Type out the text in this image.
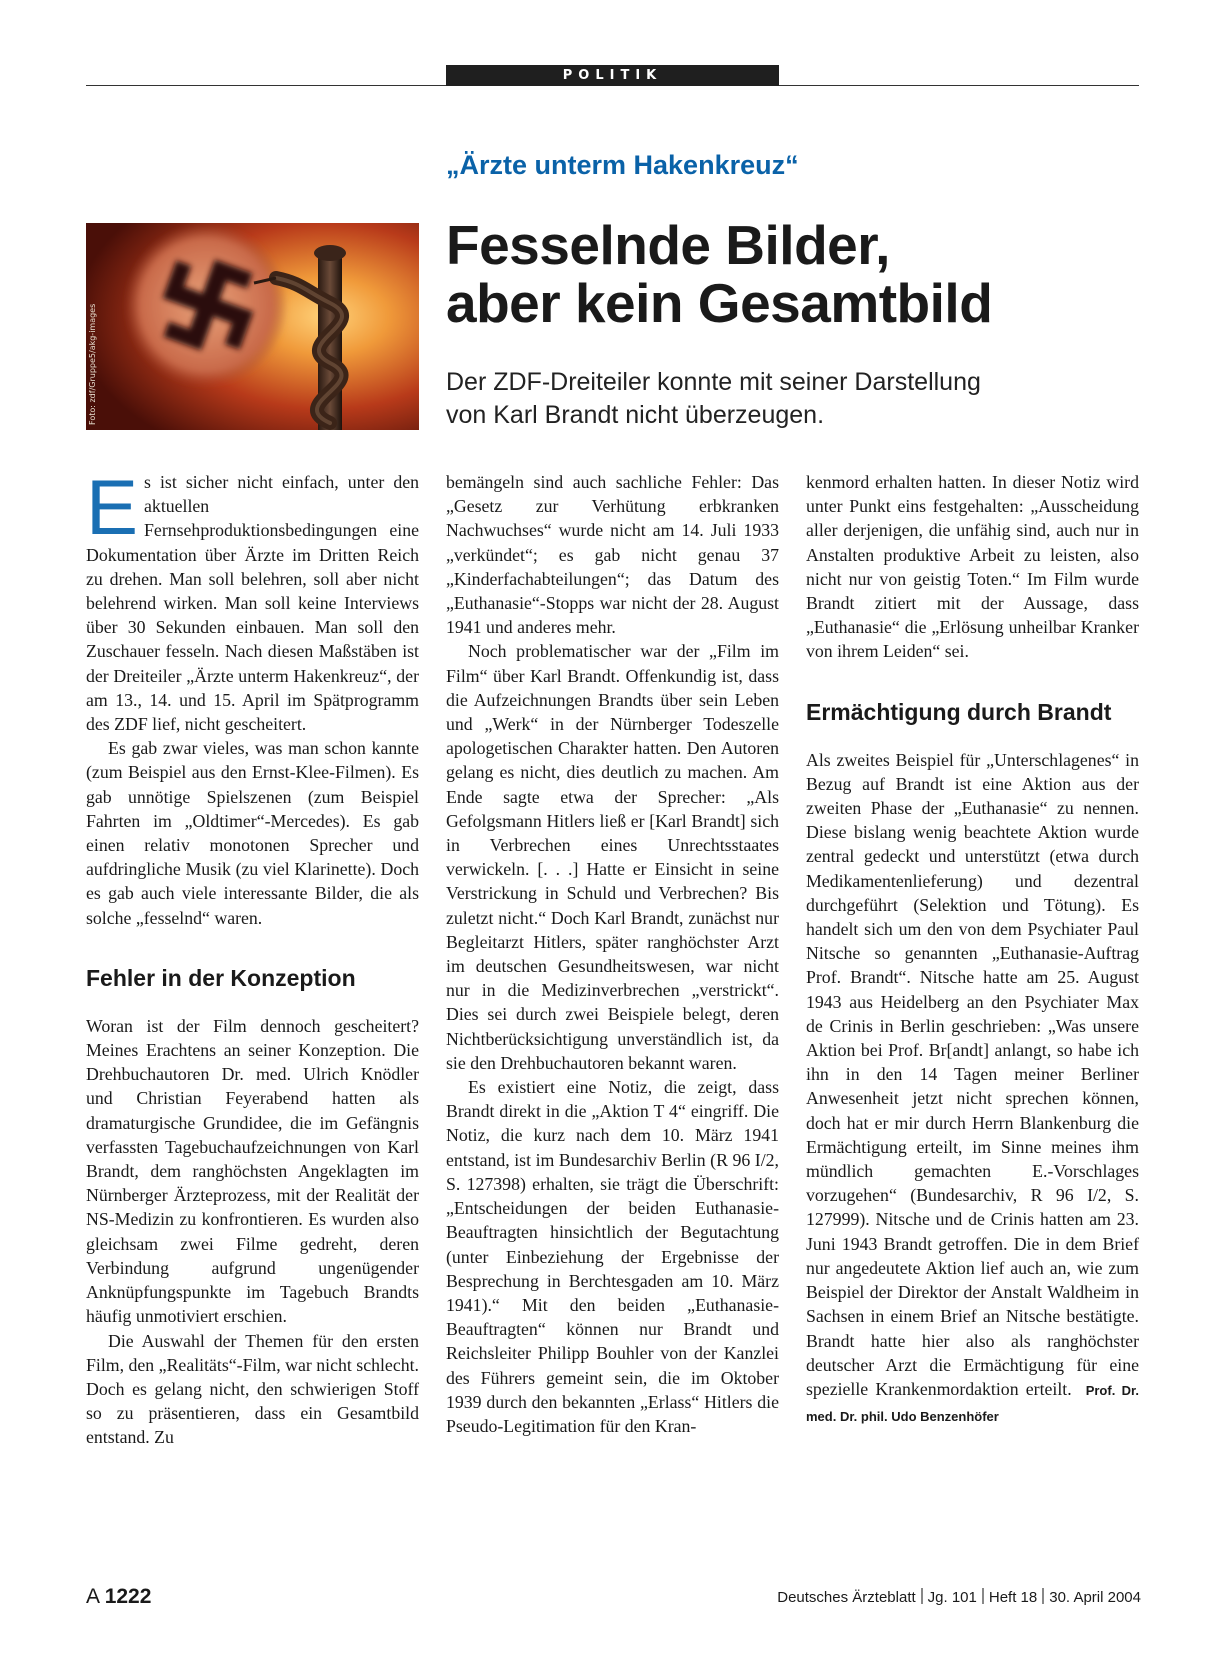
POLITIK
„Ärzte unterm Hakenkreuz“
Fesselnde Bilder,
aber kein Gesamtbild
Der ZDF-Dreiteiler konnte mit seiner Darstellung
von Karl Brandt nicht überzeugen.
Foto: zdf/Gruppe5/akg-images

Es ist sicher nicht einfach, unter den aktuellen Fernsehproduktionsbedingungen eine Dokumentation über Ärzte im Dritten Reich zu drehen. Man soll belehren, soll aber nicht belehrend wirken. Man soll keine Interviews über 30 Sekunden einbauen. Man soll den Zuschauer fesseln. Nach diesen Maßstäben ist der Dreiteiler „Ärzte unterm Hakenkreuz“, der am 13., 14. und 15. April im Spätprogramm des ZDF lief, nicht gescheitert.

Es gab zwar vieles, was man schon kannte (zum Beispiel aus den Ernst-Klee-Filmen). Es gab unnötige Spielszenen (zum Beispiel Fahrten im „Oldtimer“-Mercedes). Es gab einen relativ monotonen Sprecher und aufdringliche Musik (zu viel Klarinette). Doch es gab auch viele interessante Bilder, die als solche „fesselnd“ waren.

Fehler in der Konzeption

Woran ist der Film dennoch gescheitert? Meines Erachtens an seiner Konzeption. Die Drehbuchautoren Dr. med. Ulrich Knödler und Christian Feyerabend hatten als dramaturgische Grundidee, die im Gefängnis verfassten Tagebuchaufzeichnungen von Karl Brandt, dem ranghöchsten Angeklagten im Nürnberger Ärzteprozess, mit der Realität der NS-Medizin zu konfrontieren. Es wurden also gleichsam zwei Filme gedreht, deren Verbindung aufgrund ungenügender Anknüpfungspunkte im Tagebuch Brandts häufig unmotiviert erschien.

Die Auswahl der Themen für den ersten Film, den „Realitäts“-Film, war nicht schlecht. Doch es gelang nicht, den schwierigen Stoff so zu präsentieren, dass ein Gesamtbild entstand. Zu

bemängeln sind auch sachliche Fehler: Das „Gesetz zur Verhütung erbkranken Nachwuchses“ wurde nicht am 14. Juli 1933 „verkündet“; es gab nicht genau 37 „Kinderfachabteilungen“; das Datum des „Euthanasie“-Stopps war nicht der 28. August 1941 und anderes mehr.

Noch problematischer war der „Film im Film“ über Karl Brandt. Offenkundig ist, dass die Aufzeichnungen Brandts über sein Leben und „Werk“ in der Nürnberger Todeszelle apologetischen Charakter hatten. Den Autoren gelang es nicht, dies deutlich zu machen. Am Ende sagte etwa der Sprecher: „Als Gefolgsmann Hitlers ließ er [Karl Brandt] sich in Verbrechen eines Unrechtsstaates verwickeln. [. . .] Hatte er Einsicht in seine Verstrickung in Schuld und Verbrechen? Bis zuletzt nicht.“ Doch Karl Brandt, zunächst nur Begleitarzt Hitlers, später ranghöchster Arzt im deutschen Gesundheitswesen, war nicht nur in die Medizinverbrechen „verstrickt“. Dies sei durch zwei Beispiele belegt, deren Nichtberücksichtigung unverständlich ist, da sie den Drehbuchautoren bekannt waren.

Es existiert eine Notiz, die zeigt, dass Brandt direkt in die „Aktion T 4“ eingriff. Die Notiz, die kurz nach dem 10. März 1941 entstand, ist im Bundesarchiv Berlin (R 96 I/2, S. 127398) erhalten, sie trägt die Überschrift: „Entscheidungen der beiden Euthanasie-Beauftragten hinsichtlich der Begutachtung (unter Einbeziehung der Ergebnisse der Besprechung in Berchtesgaden am 10. März 1941).“ Mit den beiden „Euthanasie-Beauftragten“ können nur Brandt und Reichsleiter Philipp Bouhler von der Kanzlei des Führers gemeint sein, die im Oktober 1939 durch den bekannten „Erlass“ Hitlers die Pseudo-Legitimation für den Kran-

kenmord erhalten hatten. In dieser Notiz wird unter Punkt eins festgehalten: „Ausscheidung aller derjenigen, die unfähig sind, auch nur in Anstalten produktive Arbeit zu leisten, also nicht nur von geistig Toten.“ Im Film wurde Brandt zitiert mit der Aussage, dass „Euthanasie“ die „Erlösung unheilbar Kranker von ihrem Leiden“ sei.

Ermächtigung durch Brandt

Als zweites Beispiel für „Unterschlagenes“ in Bezug auf Brandt ist eine Aktion aus der zweiten Phase der „Euthanasie“ zu nennen. Diese bislang wenig beachtete Aktion wurde zentral gedeckt und unterstützt (etwa durch Medikamentenlieferung) und dezentral durchgeführt (Selektion und Tötung). Es handelt sich um den von dem Psychiater Paul Nitsche so genannten „Euthanasie-Auftrag Prof. Brandt“. Nitsche hatte am 25. August 1943 aus Heidelberg an den Psychiater Max de Crinis in Berlin geschrieben: „Was unsere Aktion bei Prof. Br[andt] anlangt, so habe ich ihn in den 14 Tagen meiner Berliner Anwesenheit jetzt nicht sprechen können, doch hat er mir durch Herrn Blankenburg die Ermächtigung erteilt, im Sinne meines ihm mündlich gemachten E.-Vorschlages vorzugehen“ (Bundesarchiv, R 96 I/2, S. 127999). Nitsche und de Crinis hatten am 23. Juni 1943 Brandt getroffen. Die in dem Brief nur angedeutete Aktion lief auch an, wie zum Beispiel der Direktor der Anstalt Waldheim in Sachsen in einem Brief an Nitsche bestätigte. Brandt hatte hier also als ranghöchster deutscher Arzt die Ermächtigung für eine spezielle Krankenmordaktion erteilt. Prof. Dr. med. Dr. phil. Udo Benzenhöfer

A 1222	Deutsches Ärzteblatt Jg. 101 Heft 18 30. April 2004
